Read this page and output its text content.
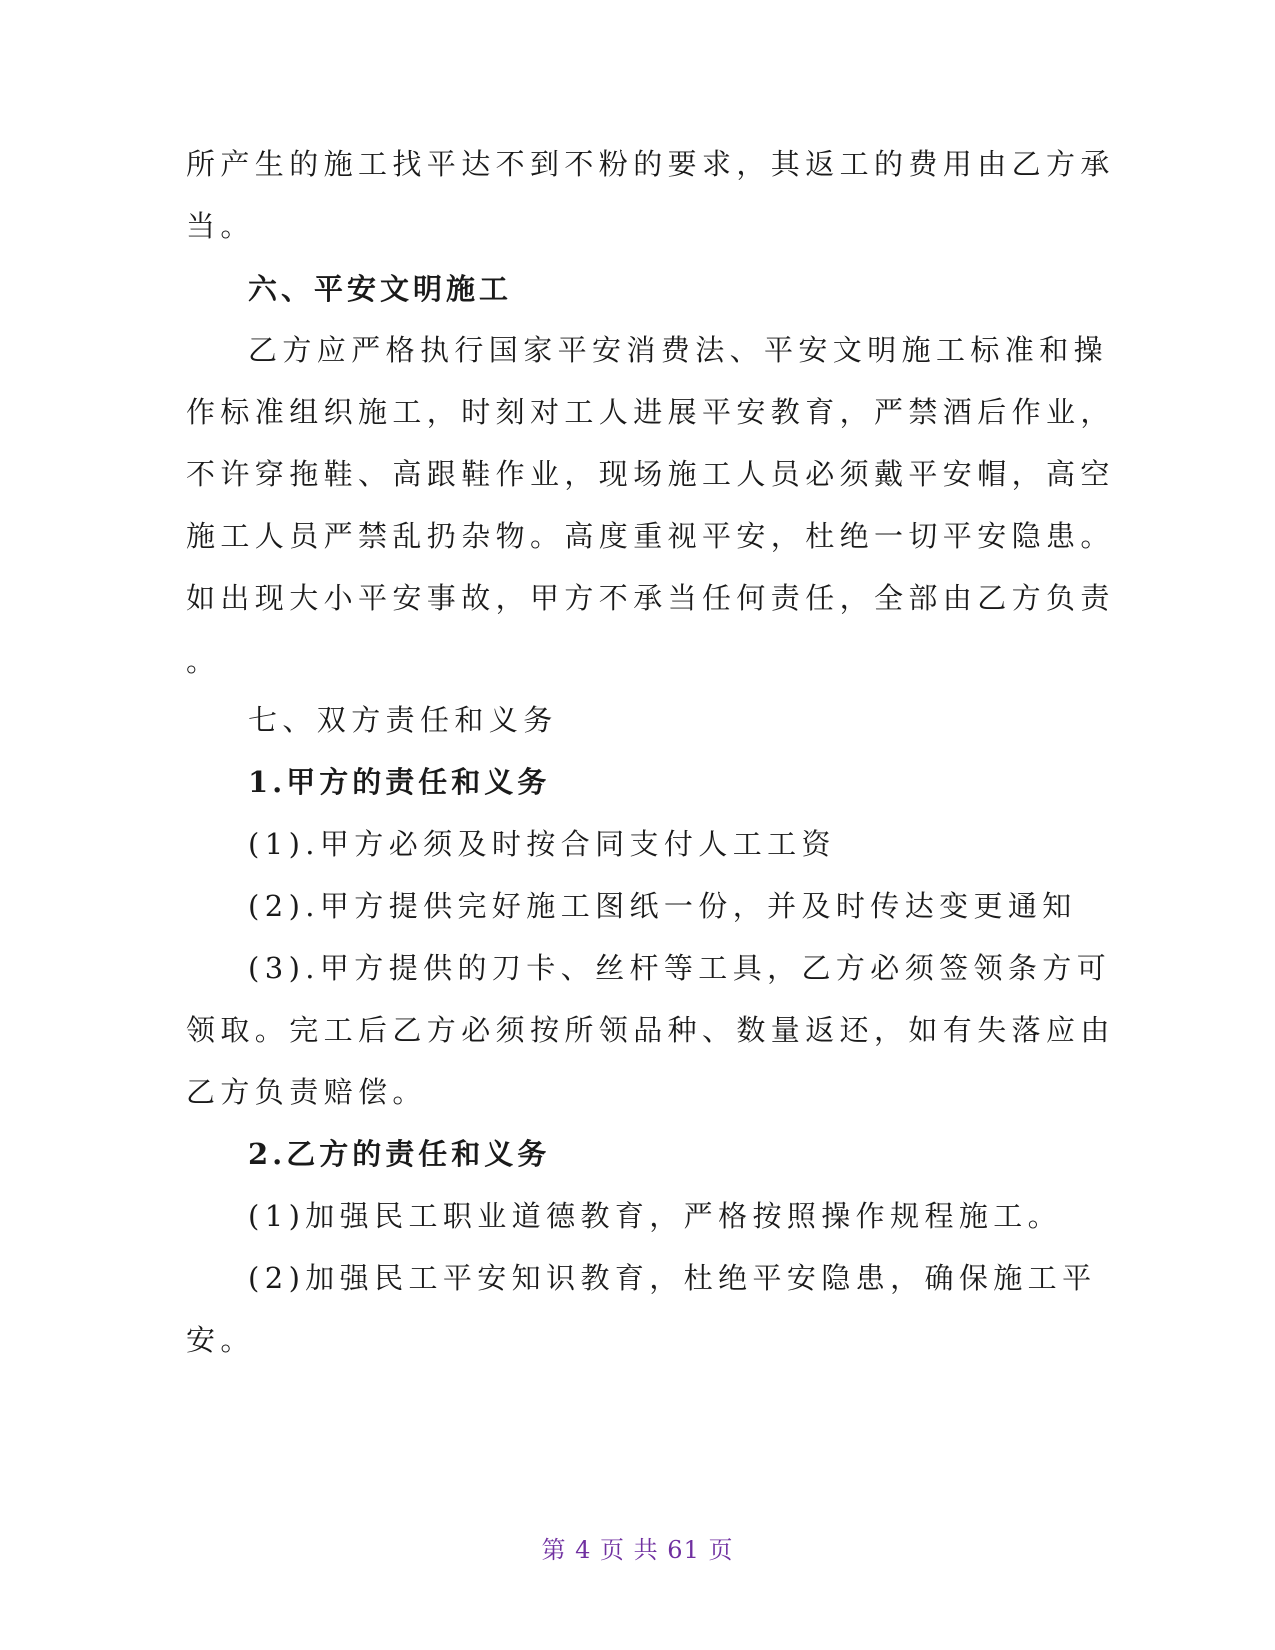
所产生的施工找平达不到不粉的要求，其返工的费用由乙方承
当。
六、平安文明施工
乙方应严格执行国家平安消费法、平安文明施工标准和操
作标准组织施工，时刻对工人进展平安教育，严禁酒后作业，
不许穿拖鞋、高跟鞋作业，现场施工人员必须戴平安帽，高空
施工人员严禁乱扔杂物。高度重视平安，杜绝一切平安隐患。
如出现大小平安事故，甲方不承当任何责任，全部由乙方负责
。
七、双方责任和义务
1.甲方的责任和义务
(1).甲方必须及时按合同支付人工工资
(2).甲方提供完好施工图纸一份，并及时传达变更通知
(3).甲方提供的刀卡、丝杆等工具，乙方必须签领条方可
领取。完工后乙方必须按所领品种、数量返还，如有失落应由
乙方负责赔偿。
2.乙方的责任和义务
(1)加强民工职业道德教育，严格按照操作规程施工。
(2)加强民工平安知识教育，杜绝平安隐患，确保施工平
安。
第 4 页 共 61 页
